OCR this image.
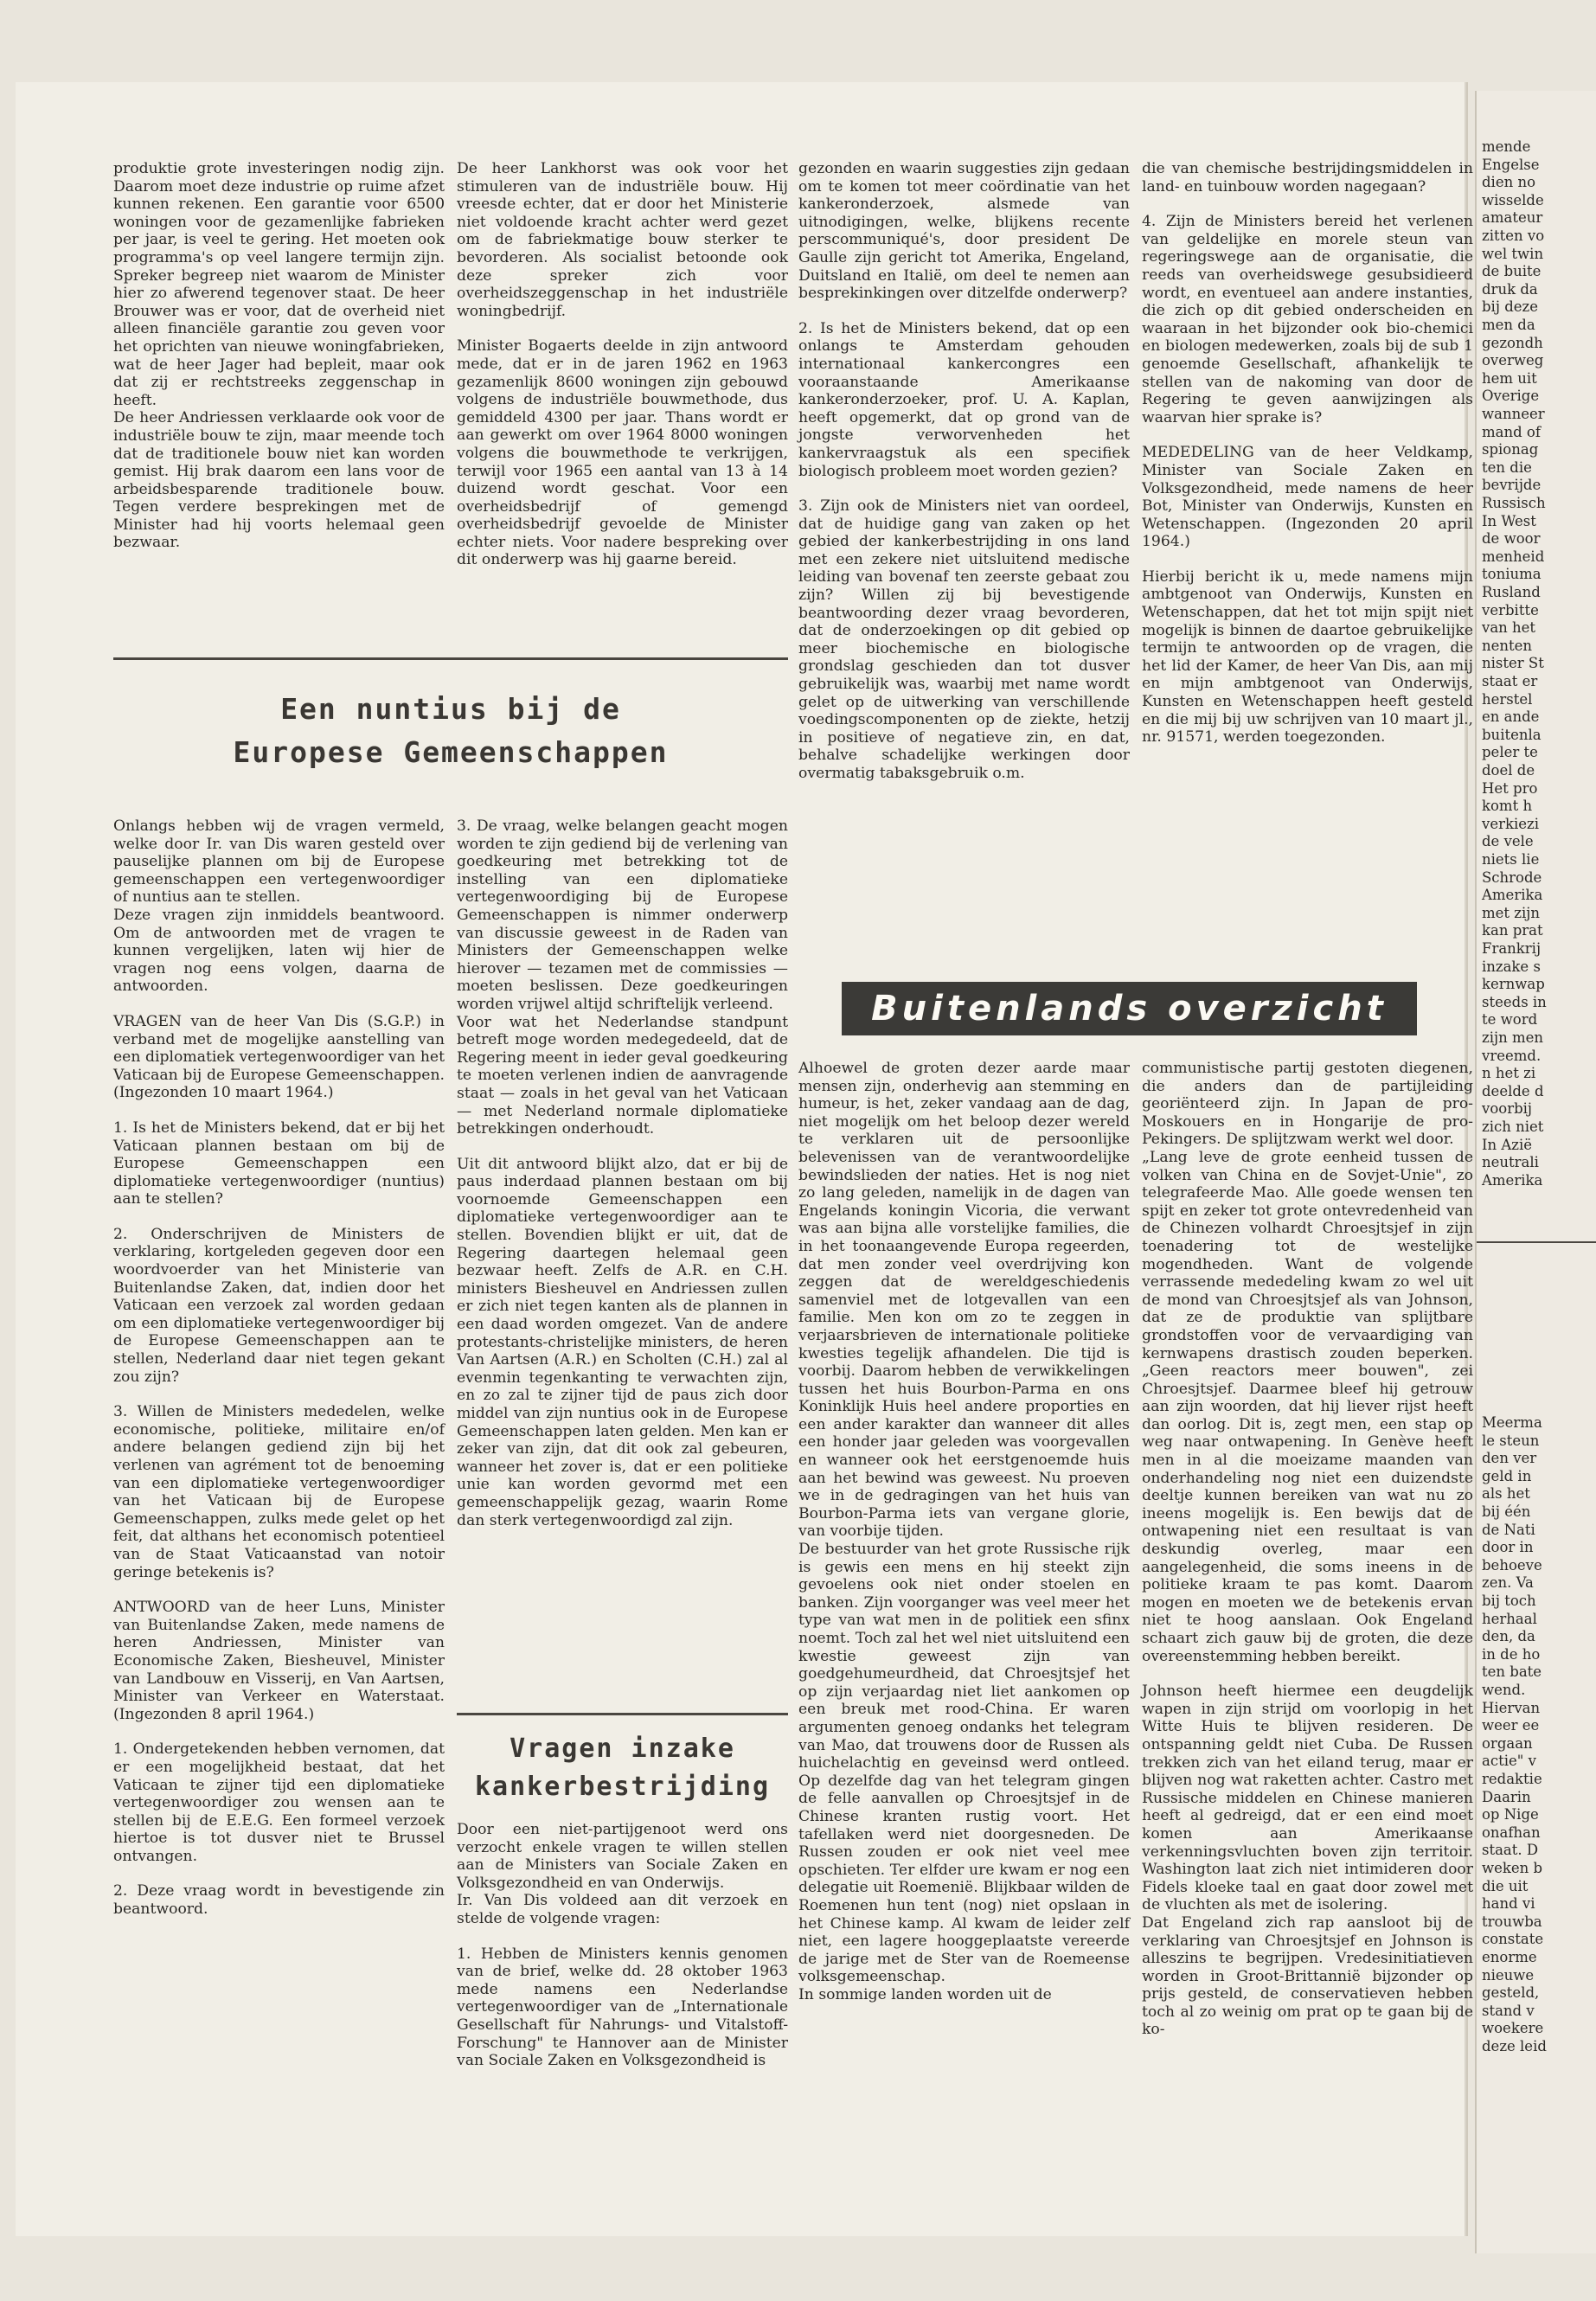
produktie grote investeringen nodig zijn. Daarom moet deze industrie op ruime afzet kunnen rekenen. Een garantie voor 6500 woningen voor de gezamenlijke fabrieken per jaar, is veel te gering. Het moeten ook programma's op veel langere termijn zijn. Spreker begreep niet waarom de Minister hier zo afwerend tegenover staat. De heer Brouwer was er voor, dat de overheid niet alleen financiële garantie zou geven voor het oprichten van nieuwe woningfabrieken, wat de heer Jager had bepleit, maar ook dat zij er rechtstreeks zeggenschap in heeft.

De heer Andriessen verklaarde ook voor de industriële bouw te zijn, maar meende toch dat de traditionele bouw niet kan worden gemist. Hij brak daarom een lans voor de arbeidsbesparende traditionele bouw. Tegen verdere besprekingen met de Minister had hij voorts helemaal geen bezwaar.

De heer Lankhorst was ook voor het stimuleren van de industriële bouw. Hij vreesde echter, dat er door het Ministerie niet voldoende kracht achter werd gezet om de fabriekmatige bouw sterker te bevorderen. Als socialist betoonde ook deze spreker zich voor overheidszeggenschap in het industriële woningbedrijf.

Minister Bogaerts deelde in zijn antwoord mede, dat er in de jaren 1962 en 1963 gezamenlijk 8600 woningen zijn gebouwd volgens de industriële bouwmethode, dus gemiddeld 4300 per jaar. Thans wordt er aan gewerkt om over 1964 8000 woningen volgens die bouwmethode te verkrijgen, terwijl voor 1965 een aantal van 13 à 14 duizend wordt geschat. Voor een overheidsbedrijf of gemengd overheidsbedrijf gevoelde de Minister echter niets. Voor nadere bespreking over dit onderwerp was hij gaarne bereid.

gezonden en waarin suggesties zijn gedaan om te komen tot meer coördinatie van het kankeronderzoek, alsmede van uitnodigingen, welke, blijkens recente perscommuniqué's, door president De Gaulle zijn gericht tot Amerika, Engeland, Duitsland en Italië, om deel te nemen aan besprekinkingen over ditzelfde onderwerp?

2. Is het de Ministers bekend, dat op een onlangs te Amsterdam gehouden internationaal kankercongres een vooraanstaande Amerikaanse kankeronderzoeker, prof. U. A. Kaplan, heeft opgemerkt, dat op grond van de jongste verworvenheden het kankervraagstuk als een specifiek biologisch probleem moet worden gezien?

3. Zijn ook de Ministers niet van oordeel, dat de huidige gang van zaken op het gebied der kankerbestrijding in ons land met een zekere niet uitsluitend medische leiding van bovenaf ten zeerste gebaat zou zijn? Willen zij bij bevestigende beantwoording dezer vraag bevorderen, dat de onderzoekingen op dit gebied op meer biochemische en biologische grondslag geschieden dan tot dusver gebruikelijk was, waarbij met name wordt gelet op de uitwerking van verschillende voedingscomponenten op de ziekte, hetzij in positieve of negatieve zin, en dat, behalve schadelijke werkingen door overmatig tabaksgebruik o.m.

die van chemische bestrijdingsmiddelen in land- en tuinbouw worden nagegaan?

4. Zijn de Ministers bereid het verlenen van geldelijke en morele steun van regeringswege aan de organisatie, die reeds van overheidswege gesubsidieerd wordt, en eventueel aan andere instanties, die zich op dit gebied onderscheiden en waaraan in het bijzonder ook bio-chemici en biologen medewerken, zoals bij de sub 1 genoemde Gesellschaft, afhankelijk te stellen van de nakoming van door de Regering te geven aanwijzingen als waarvan hier sprake is?

MEDEDELING van de heer Veldkamp, Minister van Sociale Zaken en Volksgezondheid, mede namens de heer Bot, Minister van Onderwijs, Kunsten en Wetenschappen. (Ingezonden 20 april 1964.)

Hierbij bericht ik u, mede namens mijn ambtgenoot van Onderwijs, Kunsten en Wetenschappen, dat het tot mijn spijt niet mogelijk is binnen de daartoe gebruikelijke termijn te antwoorden op de vragen, die het lid der Kamer, de heer Van Dis, aan mij en mijn ambtgenoot van Onderwijs, Kunsten en Wetenschappen heeft gesteld en die mij bij uw schrijven van 10 maart jl., nr. 91571, werden toegezonden.

Een nuntius bij de
Europese Gemeenschappen

Onlangs hebben wij de vragen vermeld, welke door Ir. van Dis waren gesteld over pauselijke plannen om bij de Europese gemeenschappen een vertegenwoordiger of nuntius aan te stellen.

Deze vragen zijn inmiddels beantwoord. Om de antwoorden met de vragen te kunnen vergelijken, laten wij hier de vragen nog eens volgen, daarna de antwoorden.

VRAGEN van de heer Van Dis (S.G.P.) in verband met de mogelijke aanstelling van een diplomatiek vertegenwoordiger van het Vaticaan bij de Europese Gemeenschappen. (Ingezonden 10 maart 1964.)

1. Is het de Ministers bekend, dat er bij het Vaticaan plannen bestaan om bij de Europese Gemeenschappen een diplomatieke vertegenwoordiger (nuntius) aan te stellen?

2. Onderschrijven de Ministers de verklaring, kortgeleden gegeven door een woordvoerder van het Ministerie van Buitenlandse Zaken, dat, indien door het Vaticaan een verzoek zal worden gedaan om een diplomatieke vertegenwoordiger bij de Europese Gemeenschappen aan te stellen, Nederland daar niet tegen gekant zou zijn?

3. Willen de Ministers mededelen, welke economische, politieke, militaire en/of andere belangen gediend zijn bij het verlenen van agrément tot de benoeming van een diplomatieke vertegenwoordiger van het Vaticaan bij de Europese Gemeenschappen, zulks mede gelet op het feit, dat althans het economisch potentieel van de Staat Vaticaanstad van notoir geringe betekenis is?

ANTWOORD van de heer Luns, Minister van Buitenlandse Zaken, mede namens de heren Andriessen, Minister van Economische Zaken, Biesheuvel, Minister van Landbouw en Visserij, en Van Aartsen, Minister van Verkeer en Waterstaat. (Ingezonden 8 april 1964.)

1. Ondergetekenden hebben vernomen, dat er een mogelijkheid bestaat, dat het Vaticaan te zijner tijd een diplomatieke vertegenwoordiger zou wensen aan te stellen bij de E.E.G. Een formeel verzoek hiertoe is tot dusver niet te Brussel ontvangen.

2. Deze vraag wordt in bevestigende zin beantwoord.

3. De vraag, welke belangen geacht mogen worden te zijn gediend bij de verlening van goedkeuring met betrekking tot de instelling van een diplomatieke vertegenwoordiging bij de Europese Gemeenschappen is nimmer onderwerp van discussie geweest in de Raden van Ministers der Gemeenschappen welke hierover — tezamen met de commissies — moeten beslissen. Deze goedkeuringen worden vrijwel altijd schriftelijk verleend.

Voor wat het Nederlandse standpunt betreft moge worden medegedeeld, dat de Regering meent in ieder geval goedkeuring te moeten verlenen indien de aanvragende staat — zoals in het geval van het Vaticaan — met Nederland normale diplomatieke betrekkingen onderhoudt.

Uit dit antwoord blijkt alzo, dat er bij de paus inderdaad plannen bestaan om bij voornoemde Gemeenschappen een diplomatieke vertegenwoordiger aan te stellen. Bovendien blijkt er uit, dat de Regering daartegen helemaal geen bezwaar heeft. Zelfs de A.R. en C.H. ministers Biesheuvel en Andriessen zullen er zich niet tegen kanten als de plannen in een daad worden omgezet. Van de andere protestants-christelijke ministers, de heren Van Aartsen (A.R.) en Scholten (C.H.) zal al evenmin tegenkanting te verwachten zijn, en zo zal te zijner tijd de paus zich door middel van zijn nuntius ook in de Europese Gemeenschappen laten gelden. Men kan er zeker van zijn, dat dit ook zal gebeuren, wanneer het zover is, dat er een politieke unie kan worden gevormd met een gemeenschappelijk gezag, waarin Rome dan sterk vertegenwoordigd zal zijn.

Vragen inzake
kankerbestrijding

Door een niet-partijgenoot werd ons verzocht enkele vragen te willen stellen aan de Ministers van Sociale Zaken en Volksgezondheid en van Onderwijs.

Ir. Van Dis voldeed aan dit verzoek en stelde de volgende vragen:

1. Hebben de Ministers kennis genomen van de brief, welke dd. 28 oktober 1963 mede namens een Nederlandse vertegenwoordiger van de „Internationale Gesellschaft für Nahrungs- und Vitalstoff-Forschung" te Hannover aan de Minister van Sociale Zaken en Volksgezondheid is

Buitenlands overzicht

Alhoewel de groten dezer aarde maar mensen zijn, onderhevig aan stemming en humeur, is het, zeker vandaag aan de dag, niet mogelijk om het beloop dezer wereld te verklaren uit de persoonlijke belevenissen van de verantwoordelijke bewindslieden der naties. Het is nog niet zo lang geleden, namelijk in de dagen van Engelands koningin Vicoria, die verwant was aan bijna alle vorstelijke families, die in het toonaangevende Europa regeerden, dat men zonder veel overdrijving kon zeggen dat de wereldgeschiedenis samenviel met de lotgevallen van een familie. Men kon om zo te zeggen in verjaarsbrieven de internationale politieke kwesties tegelijk afhandelen. Die tijd is voorbij. Daarom hebben de verwikkelingen tussen het huis Bourbon-Parma en ons Koninklijk Huis heel andere proporties en een ander karakter dan wanneer dit alles een honder jaar geleden was voorgevallen en wanneer ook het eerstgenoemde huis aan het bewind was geweest. Nu proeven we in de gedragingen van het huis van Bourbon-Parma iets van vergane glorie, van voorbije tijden.

De bestuurder van het grote Russische rijk is gewis een mens en hij steekt zijn gevoelens ook niet onder stoelen en banken. Zijn voorganger was veel meer het type van wat men in de politiek een sfinx noemt. Toch zal het wel niet uitsluitend een kwestie geweest zijn van goedgehumeurdheid, dat Chroesjtsjef het op zijn verjaardag niet liet aankomen op een breuk met rood-China. Er waren argumenten genoeg ondanks het telegram van Mao, dat trouwens door de Russen als huichelachtig en geveinsd werd ontleed. Op dezelfde dag van het telegram gingen de felle aanvallen op Chroesjtsjef in de Chinese kranten rustig voort. Het tafellaken werd niet doorgesneden. De Russen zouden er ook niet veel mee opschieten. Ter elfder ure kwam er nog een delegatie uit Roemenië. Blijkbaar wilden de Roemenen hun tent (nog) niet opslaan in het Chinese kamp. Al kwam de leider zelf niet, een lagere hooggeplaatste vereerde de jarige met de Ster van de Roemeense volksgemeenschap.

In sommige landen worden uit de

communistische partij gestoten diegenen, die anders dan de partijleiding georiënteerd zijn. In Japan de pro-Moskouers en in Hongarije de pro-Pekingers. De splijtzwam werkt wel door.

„Lang leve de grote eenheid tussen de volken van China en de Sovjet-Unie", zo telegrafeerde Mao. Alle goede wensen ten spijt en zeker tot grote ontevredenheid van de Chinezen volhardt Chroesjtsjef in zijn toenadering tot de westelijke mogendheden. Want de volgende verrassende mededeling kwam zo wel uit de mond van Chroesjtsjef als van Johnson, dat ze de produktie van splijtbare grondstoffen voor de vervaardiging van kernwapens drastisch zouden beperken. „Geen reactors meer bouwen", zei Chroesjtsjef. Daarmee bleef hij getrouw aan zijn woorden, dat hij liever rijst heeft dan oorlog. Dit is, zegt men, een stap op weg naar ontwapening. In Genève heeft men in al die moeizame maanden van onderhandeling nog niet een duizendste deeltje kunnen bereiken van wat nu zo ineens mogelijk is. Een bewijs dat de ontwapening niet een resultaat is van deskundig overleg, maar een aangelegenheid, die soms ineens in de politieke kraam te pas komt. Daarom mogen en moeten we de betekenis ervan niet te hoog aanslaan. Ook Engeland schaart zich gauw bij de groten, die deze overeenstemming hebben bereikt.

Johnson heeft hiermee een deugdelijk wapen in zijn strijd om voorlopig in het Witte Huis te blijven resideren. De ontspanning geldt niet Cuba. De Russen trekken zich van het eiland terug, maar er blijven nog wat raketten achter. Castro met Russische middelen en Chinese manieren heeft al gedreigd, dat er een eind moet komen aan Amerikaanse verkenningsvluchten boven zijn territoir. Washington laat zich niet intimideren door Fidels kloeke taal en gaat door zowel met de vluchten als met de isolering.

Dat Engeland zich rap aansloot bij de verklaring van Chroesjtsjef en Johnson is alleszins te begrijpen. Vredesinitiatieven worden in Groot-Brittannië bijzonder op prijs gesteld, de conservatieven hebben toch al zo weinig om prat op te gaan bij de ko-

mende
Engelse
dien no
wisselde
amateur
zitten vo
wel twin
de buite
druk da
bij deze
men da
gezondh
overweg
hem uit
Overige
wanneer
mand of
spionag
ten die
bevrijde
Russisch
In West
de woor
menheid
toniuma
Rusland
verbitte
van het
nenten
nister St
staat er
herstel
en ande
buitenla
peler te
doel de
Het pro
komt h
verkiezi
de vele
niets lie
Schrode
Amerika
met zijn
kan prat
Frankrij
inzake s
kernwap
steeds in
te word
zijn men
vreemd.
n het zi
deelde d
voorbij
zich niet
In Azië
neutrali
Amerika
Meerma
le steun
den ver
geld in
als het
bij één
de Nati
door in
behoeve
zen. Va
bij toch
herhaal
den, da
in de ho
ten bate
wend.
Hiervan
weer ee
orgaan
actie" v
redaktie
Daarin
op Nige
onafhan
staat. D
weken b
die uit
hand vi
trouwba
constate
enorme
nieuwe
gesteld,
stand v
woekere
deze leid
